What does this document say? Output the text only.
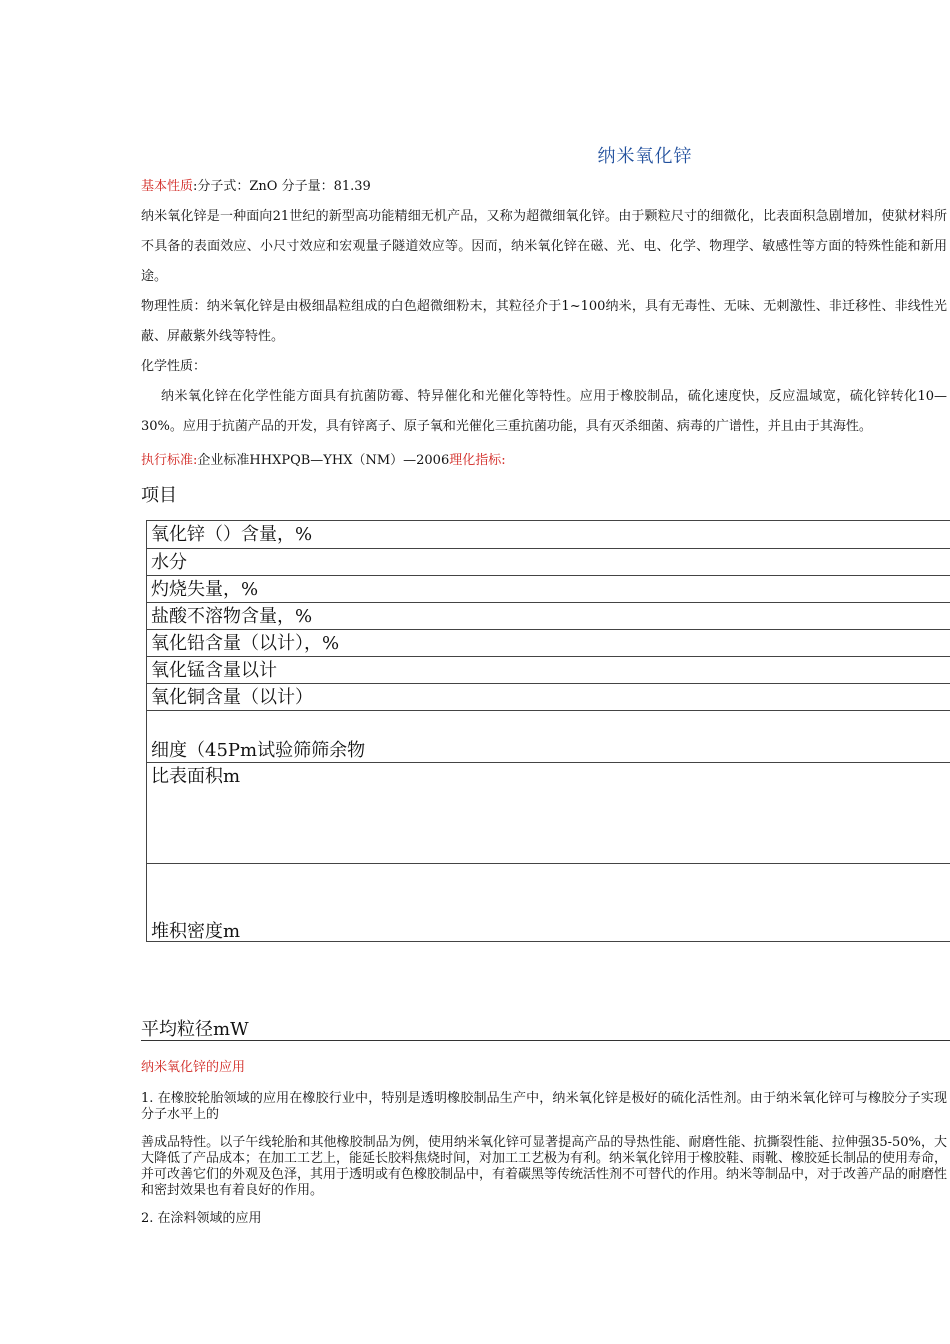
纳米氧化锌

基本性质:分子式：ZnO 分子量：81.39

纳米氧化锌是一种面向21世纪的新型高功能精细无机产品，又称为超微细氧化锌。由于颗粒尺寸的细微化，比表面积急剧增加，使狱材料所不具备的表面效应、小尺寸效应和宏观量子隧道效应等。因而，纳米氧化锌在磁、光、电、化学、物理学、敏感性等方面的特殊性能和新用途。

物理性质：纳米氧化锌是由极细晶粒组成的白色超微细粉末，其粒径介于1~100纳米，具有无毒性、无味、无刺激性、非迁移性、非线性光蔽、屏蔽紫外线等特性。

化学性质：

纳米氧化锌在化学性能方面具有抗菌防霉、特异催化和光催化等特性。应用于橡胶制品，硫化速度快，反应温域宽，硫化锌转化10—30%。应用于抗菌产品的开发，具有锌离子、原子氧和光催化三重抗菌功能，具有灭杀细菌、病毒的广谱性，并且由于其海性。

执行标准:企业标准HHXPQB—YHX（NM）—2006理化指标:

项目
氧化锌（）含量，%
水分
灼烧失量，%
盐酸不溶物含量，%
氧化铅含量（以计），%
氧化锰含量以计
氧化铜含量（以计）
细度（45Pm试验筛筛余物
比表面积m
堆积密度m
平均粒径mW

纳米氧化锌的应用

1. 在橡胶轮胎领域的应用在橡胶行业中，特别是透明橡胶制品生产中，纳米氧化锌是极好的硫化活性剂。由于纳米氧化锌可与橡胶分子实现分子水平上的

善成品特性。以子午线轮胎和其他橡胶制品为例，使用纳米氧化锌可显著提高产品的导热性能、耐磨性能、抗撕裂性能、拉伸强35-50%，大大降低了产品成本；在加工工艺上，能延长胶料焦烧时间，对加工工艺极为有利。纳米氧化锌用于橡胶鞋、雨靴、橡胶延长制品的使用寿命，并可改善它们的外观及色泽，其用于透明或有色橡胶制品中，有着碳黑等传统活性剂不可替代的作用。纳米等制品中，对于改善产品的耐磨性和密封效果也有着良好的作用。

2. 在涂料领域的应用
